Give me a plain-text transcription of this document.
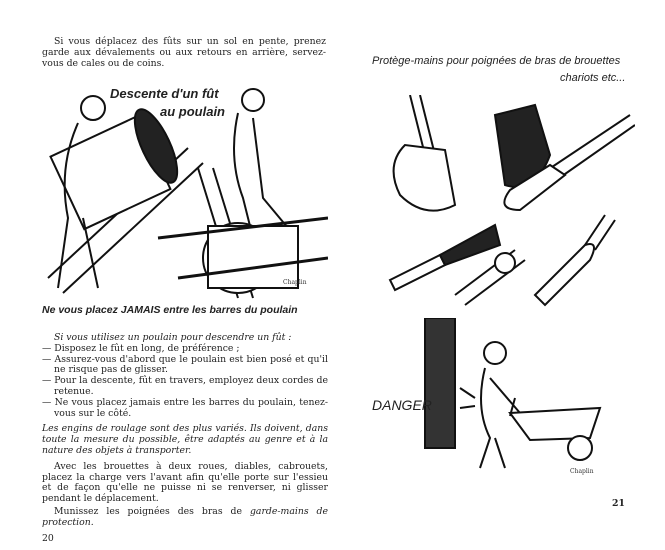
Si vous déplacez des fûts sur un sol en pente, prenez garde aux dévalements ou aux retours en arrière, servez-vous de cales ou de coins.
Chaplin
Descente d'un fût
au poulain
Ne vous placez JAMAIS entre les barres du poulain
Si vous utilisez un poulain pour descendre un fût :
— Disposez le fût en long, de préférence ;
— Assurez-vous d'abord que le poulain est bien posé et qu'il ne risque pas de glisser.
— Pour la descente, fût en travers, employez deux cordes de retenue.
— Ne vous placez jamais entre les barres du poulain, tenez-vous sur le côté.
Les engins de roulage sont des plus variés. Ils doivent, dans toute la mesure du possible, être adaptés au genre et à la nature des objets à transporter.
Avec les brouettes à deux roues, diables, cabrouets, placez la charge vers l'avant afin qu'elle porte sur l'essieu et de façon qu'elle ne puisse ni se renverser, ni glisser pendant le déplacement.
Munissez les poignées des bras de garde-mains de protection.
20
Protège-mains pour poignées de bras de brouettes
chariots etc...
Chaplin
DANGER
21
